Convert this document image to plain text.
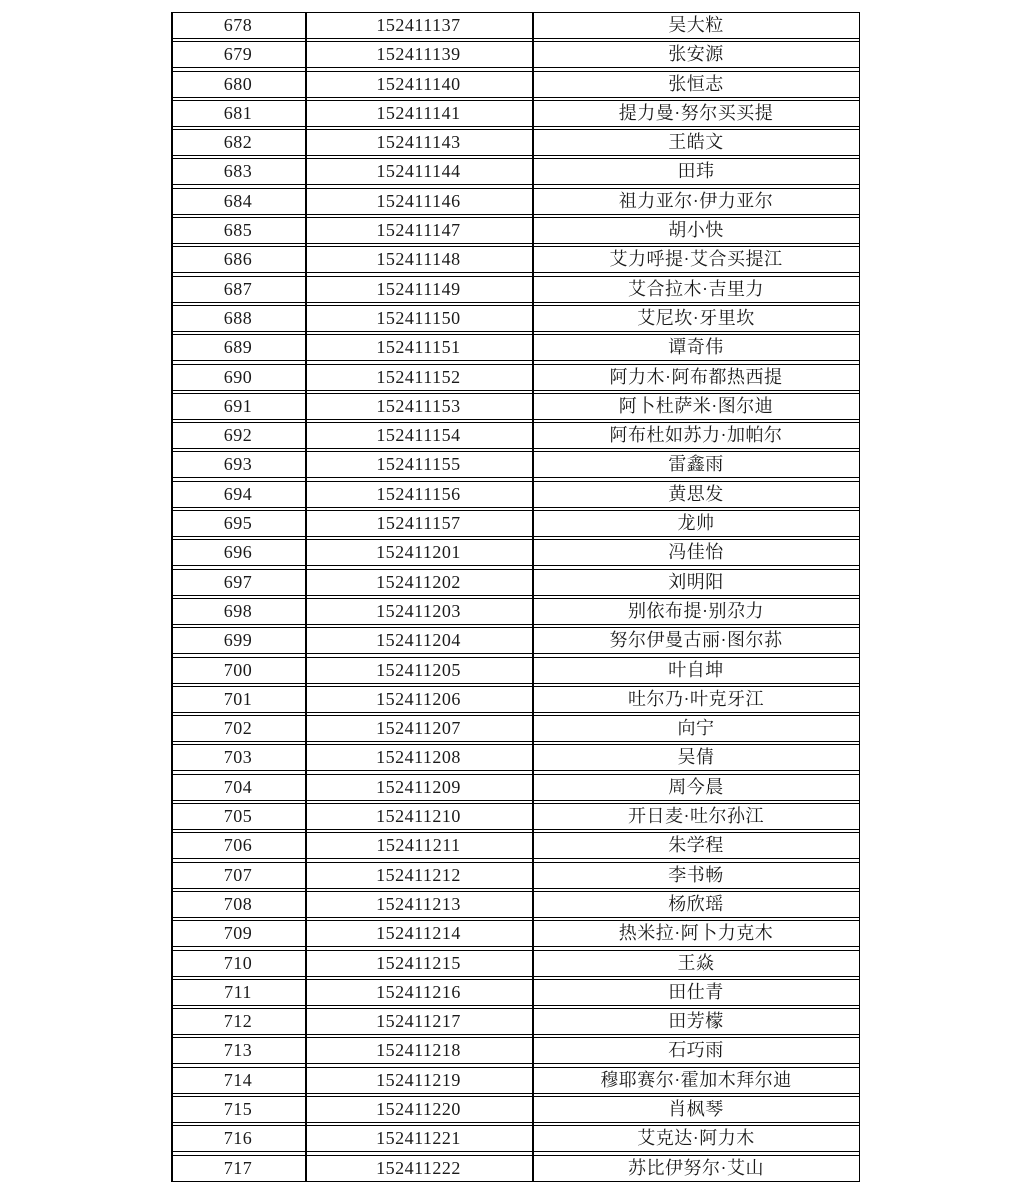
678	152411137	吴大粒
679	152411139	张安源
680	152411140	张恒志
681	152411141	提力曼·努尔买买提
682	152411143	王皓文
683	152411144	田玮
684	152411146	祖力亚尔·伊力亚尔
685	152411147	胡小快
686	152411148	艾力呼提·艾合买提江
687	152411149	艾合拉木·吉里力
688	152411150	艾尼坎·牙里坎
689	152411151	谭奇伟
690	152411152	阿力木·阿布都热西提
691	152411153	阿卜杜萨米·图尔迪
692	152411154	阿布杜如苏力·加帕尔
693	152411155	雷鑫雨
694	152411156	黄思发
695	152411157	龙帅
696	152411201	冯佳怡
697	152411202	刘明阳
698	152411203	别依布提·别尕力
699	152411204	努尔伊曼古丽·图尔荪
700	152411205	叶自坤
701	152411206	吐尔乃·叶克牙江
702	152411207	向宁
703	152411208	吴倩
704	152411209	周今晨
705	152411210	开日麦·吐尔孙江
706	152411211	朱学程
707	152411212	李书畅
708	152411213	杨欣瑶
709	152411214	热米拉·阿卜力克木
710	152411215	王焱
711	152411216	田仕青
712	152411217	田芳檬
713	152411218	石巧雨
714	152411219	穆耶赛尔·霍加木拜尔迪
715	152411220	肖枫琴
716	152411221	艾克达·阿力木
717	152411222	苏比伊努尔·艾山
